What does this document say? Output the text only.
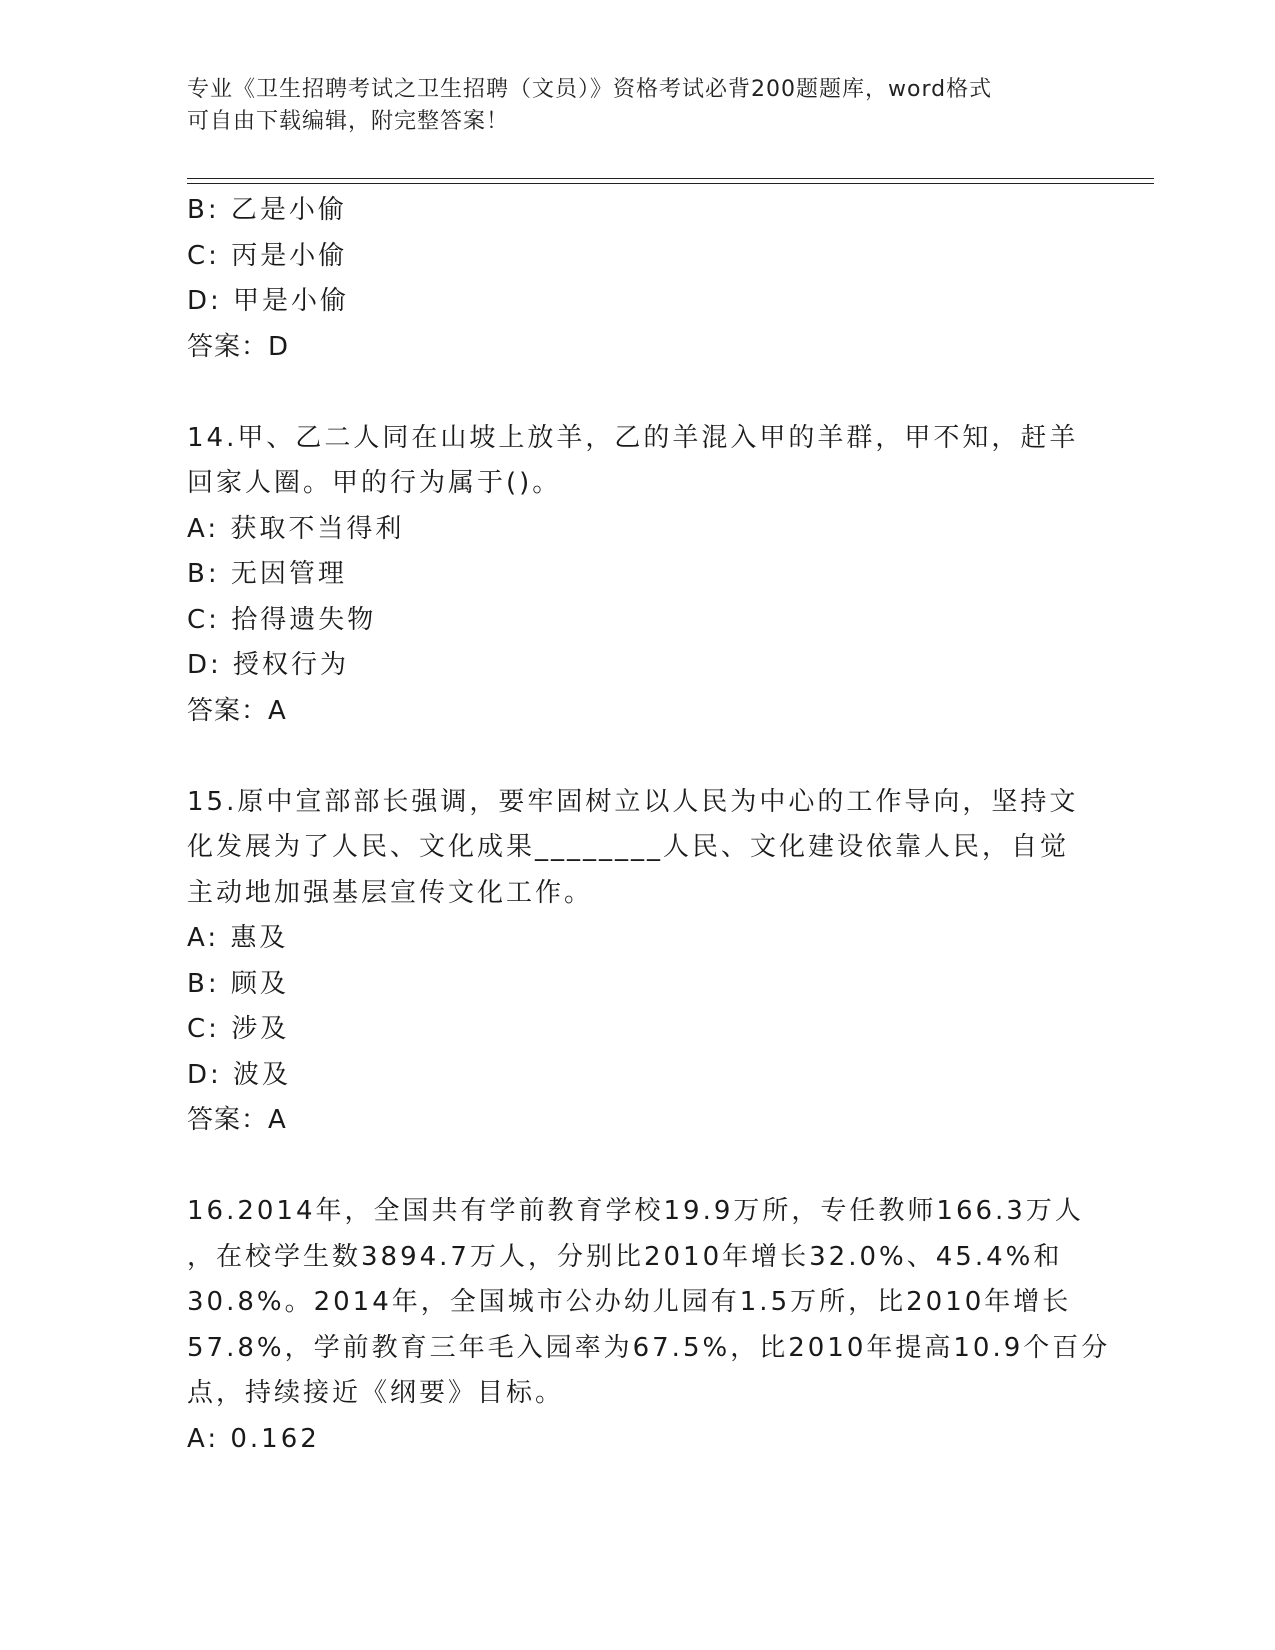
专业《卫生招聘考试之卫生招聘（文员）》资格考试必背200题题库，word格式
可自由下载编辑，附完整答案！
B: 乙是小偷
C: 丙是小偷
D: 甲是小偷
答案：D
14.甲、乙二人同在山坡上放羊，乙的羊混入甲的羊群，甲不知，赶羊
回家人圈。甲的行为属于()。
A: 获取不当得利
B: 无因管理
C: 拾得遗失物
D: 授权行为
答案：A
15.原中宣部部长强调，要牢固树立以人民为中心的工作导向，坚持文
化发展为了人民、文化成果________人民、文化建设依靠人民，自觉
主动地加强基层宣传文化工作。
A: 惠及
B: 顾及
C: 涉及
D: 波及
答案：A
16.2014年，全国共有学前教育学校19.9万所，专任教师166.3万人
，在校学生数3894.7万人，分别比2010年增长32.0%、45.4%和
30.8%。2014年，全国城市公办幼儿园有1.5万所，比2010年增长
57.8%，学前教育三年毛入园率为67.5%，比2010年提高10.9个百分
点，持续接近《纲要》目标。
A: 0.162
